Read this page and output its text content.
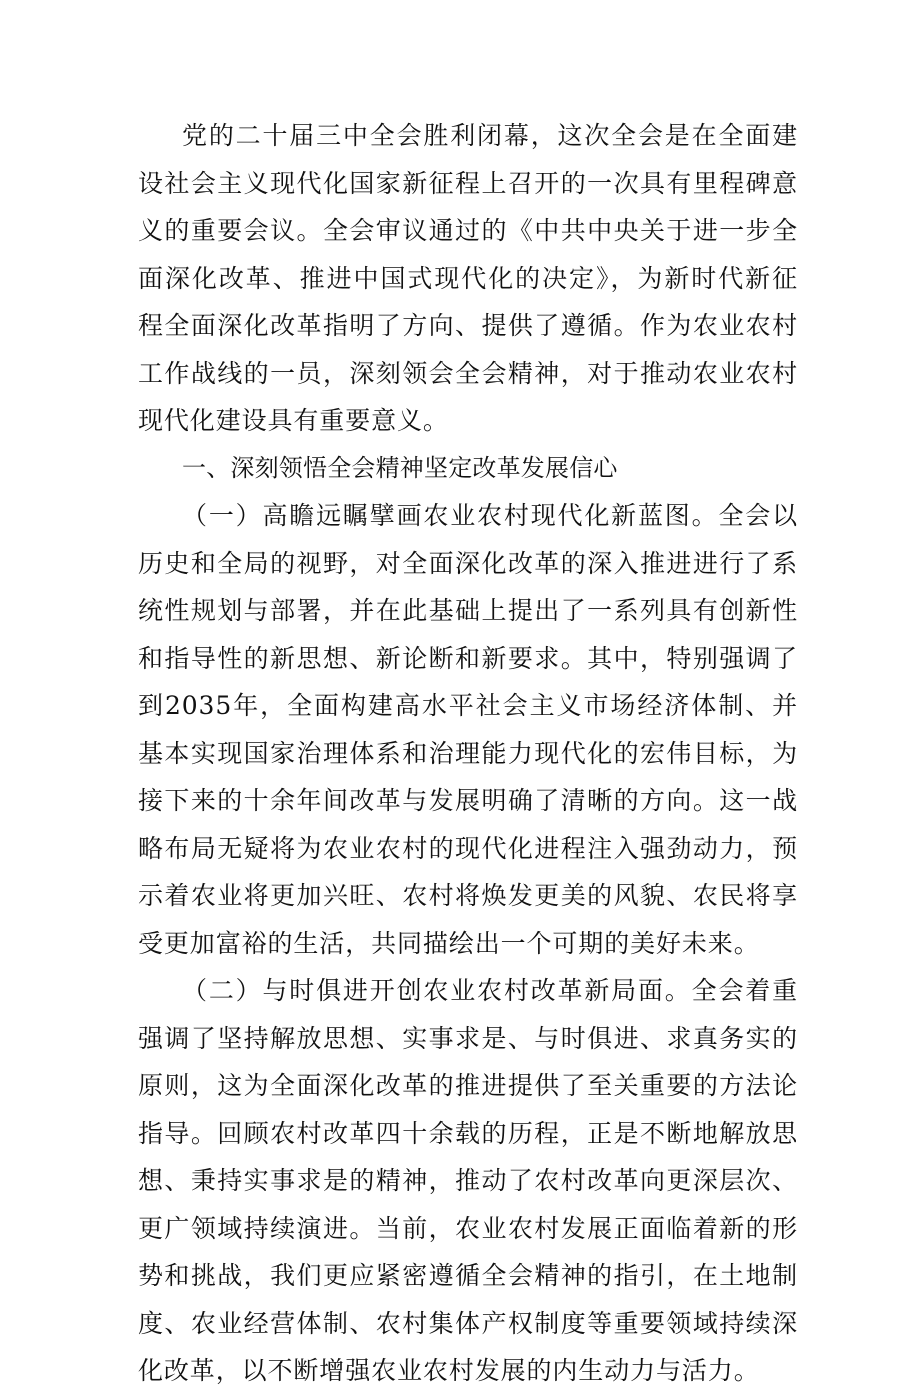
党的二十届三中全会胜利闭幕，这次全会是在全面建设社会主义现代化国家新征程上召开的一次具有里程碑意义的重要会议。全会审议通过的《中共中央关于进一步全面深化改革、推进中国式现代化的决定》，为新时代新征程全面深化改革指明了方向、提供了遵循。作为农业农村工作战线的一员，深刻领会全会精神，对于推动农业农村现代化建设具有重要意义。

一、深刻领悟全会精神坚定改革发展信心

（一）高瞻远瞩擘画农业农村现代化新蓝图。全会以历史和全局的视野，对全面深化改革的深入推进进行了系统性规划与部署，并在此基础上提出了一系列具有创新性和指导性的新思想、新论断和新要求。其中，特别强调了到2035年，全面构建高水平社会主义市场经济体制、并基本实现国家治理体系和治理能力现代化的宏伟目标，为接下来的十余年间改革与发展明确了清晰的方向。这一战略布局无疑将为农业农村的现代化进程注入强劲动力，预示着农业将更加兴旺、农村将焕发更美的风貌、农民将享受更加富裕的生活，共同描绘出一个可期的美好未来。

（二）与时俱进开创农业农村改革新局面。全会着重强调了坚持解放思想、实事求是、与时俱进、求真务实的原则，这为全面深化改革的推进提供了至关重要的方法论指导。回顾农村改革四十余载的历程，正是不断地解放思想、秉持实事求是的精神，推动了农村改革向更深层次、更广领域持续演进。当前，农业农村发展正面临着新的形势和挑战，我们更应紧密遵循全会精神的指引，在土地制度、农业经营体制、农村集体产权制度等重要领域持续深化改革，以不断增强农业农村发展的内生动力与活力。
